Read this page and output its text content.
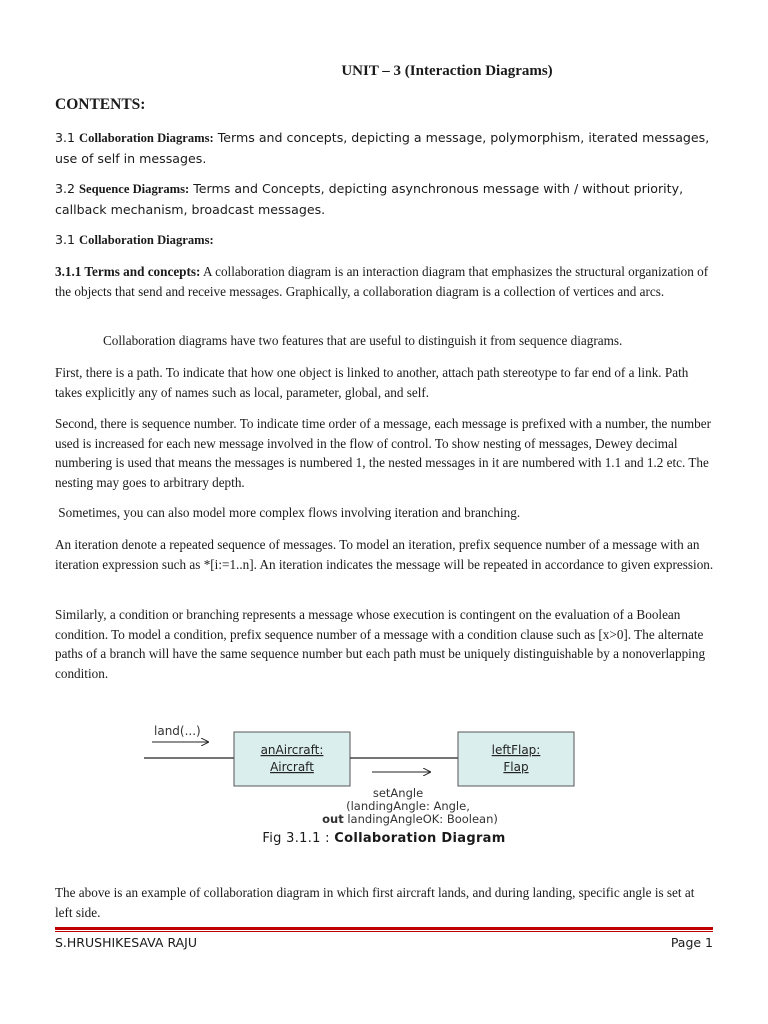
UNIT – 3 (Interaction Diagrams)
CONTENTS:
3.1 Collaboration Diagrams: Terms and concepts, depicting a message, polymorphism, iterated messages, use of self in messages.
3.2 Sequence Diagrams: Terms and Concepts, depicting asynchronous message with / without priority, callback mechanism, broadcast messages.
3.1 Collaboration Diagrams:
3.1.1 Terms and concepts: A collaboration diagram is an interaction diagram that emphasizes the structural organization of the objects that send and receive messages. Graphically, a collaboration diagram is a collection of vertices and arcs.
Collaboration diagrams have two features that are useful to distinguish it from sequence diagrams.
First, there is a path. To indicate that how one object is linked to another, attach path stereotype to far end of a link. Path takes explicitly any of names such as local, parameter, global, and self.
Second, there is sequence number. To indicate time order of a message, each message is prefixed with a number, the number used is increased for each new message involved in the flow of control. To show nesting of messages, Dewey decimal numbering is used that means the messages is numbered 1, the nested messages in it are numbered with 1.1 and 1.2 etc. The nesting may goes to arbitrary depth.
Sometimes, you can also model more complex flows involving iteration and branching.
An iteration denote a repeated sequence of messages. To model an iteration, prefix sequence number of a message with an iteration expression such as *[i:=1..n]. An iteration indicates the message will be repeated in accordance to given expression.
Similarly, a condition or branching represents a message whose execution is contingent on the evaluation of a Boolean condition. To model a condition, prefix sequence number of a message with a condition clause such as [x>0]. The alternate paths of a branch will have the same sequence number but each path must be uniquely distinguishable by a nonoverlapping condition.
land(...)
anAircraft:
Aircraft
leftFlap:
Flap
setAngle
(landingAngle: Angle,
out landingAngleOK: Boolean)
Fig 3.1.1 : Collaboration Diagram
The above is an example of collaboration diagram in which first aircraft lands, and during landing, specific angle is set at left side.
S.HRUSHIKESAVA RAJU	Page 1
